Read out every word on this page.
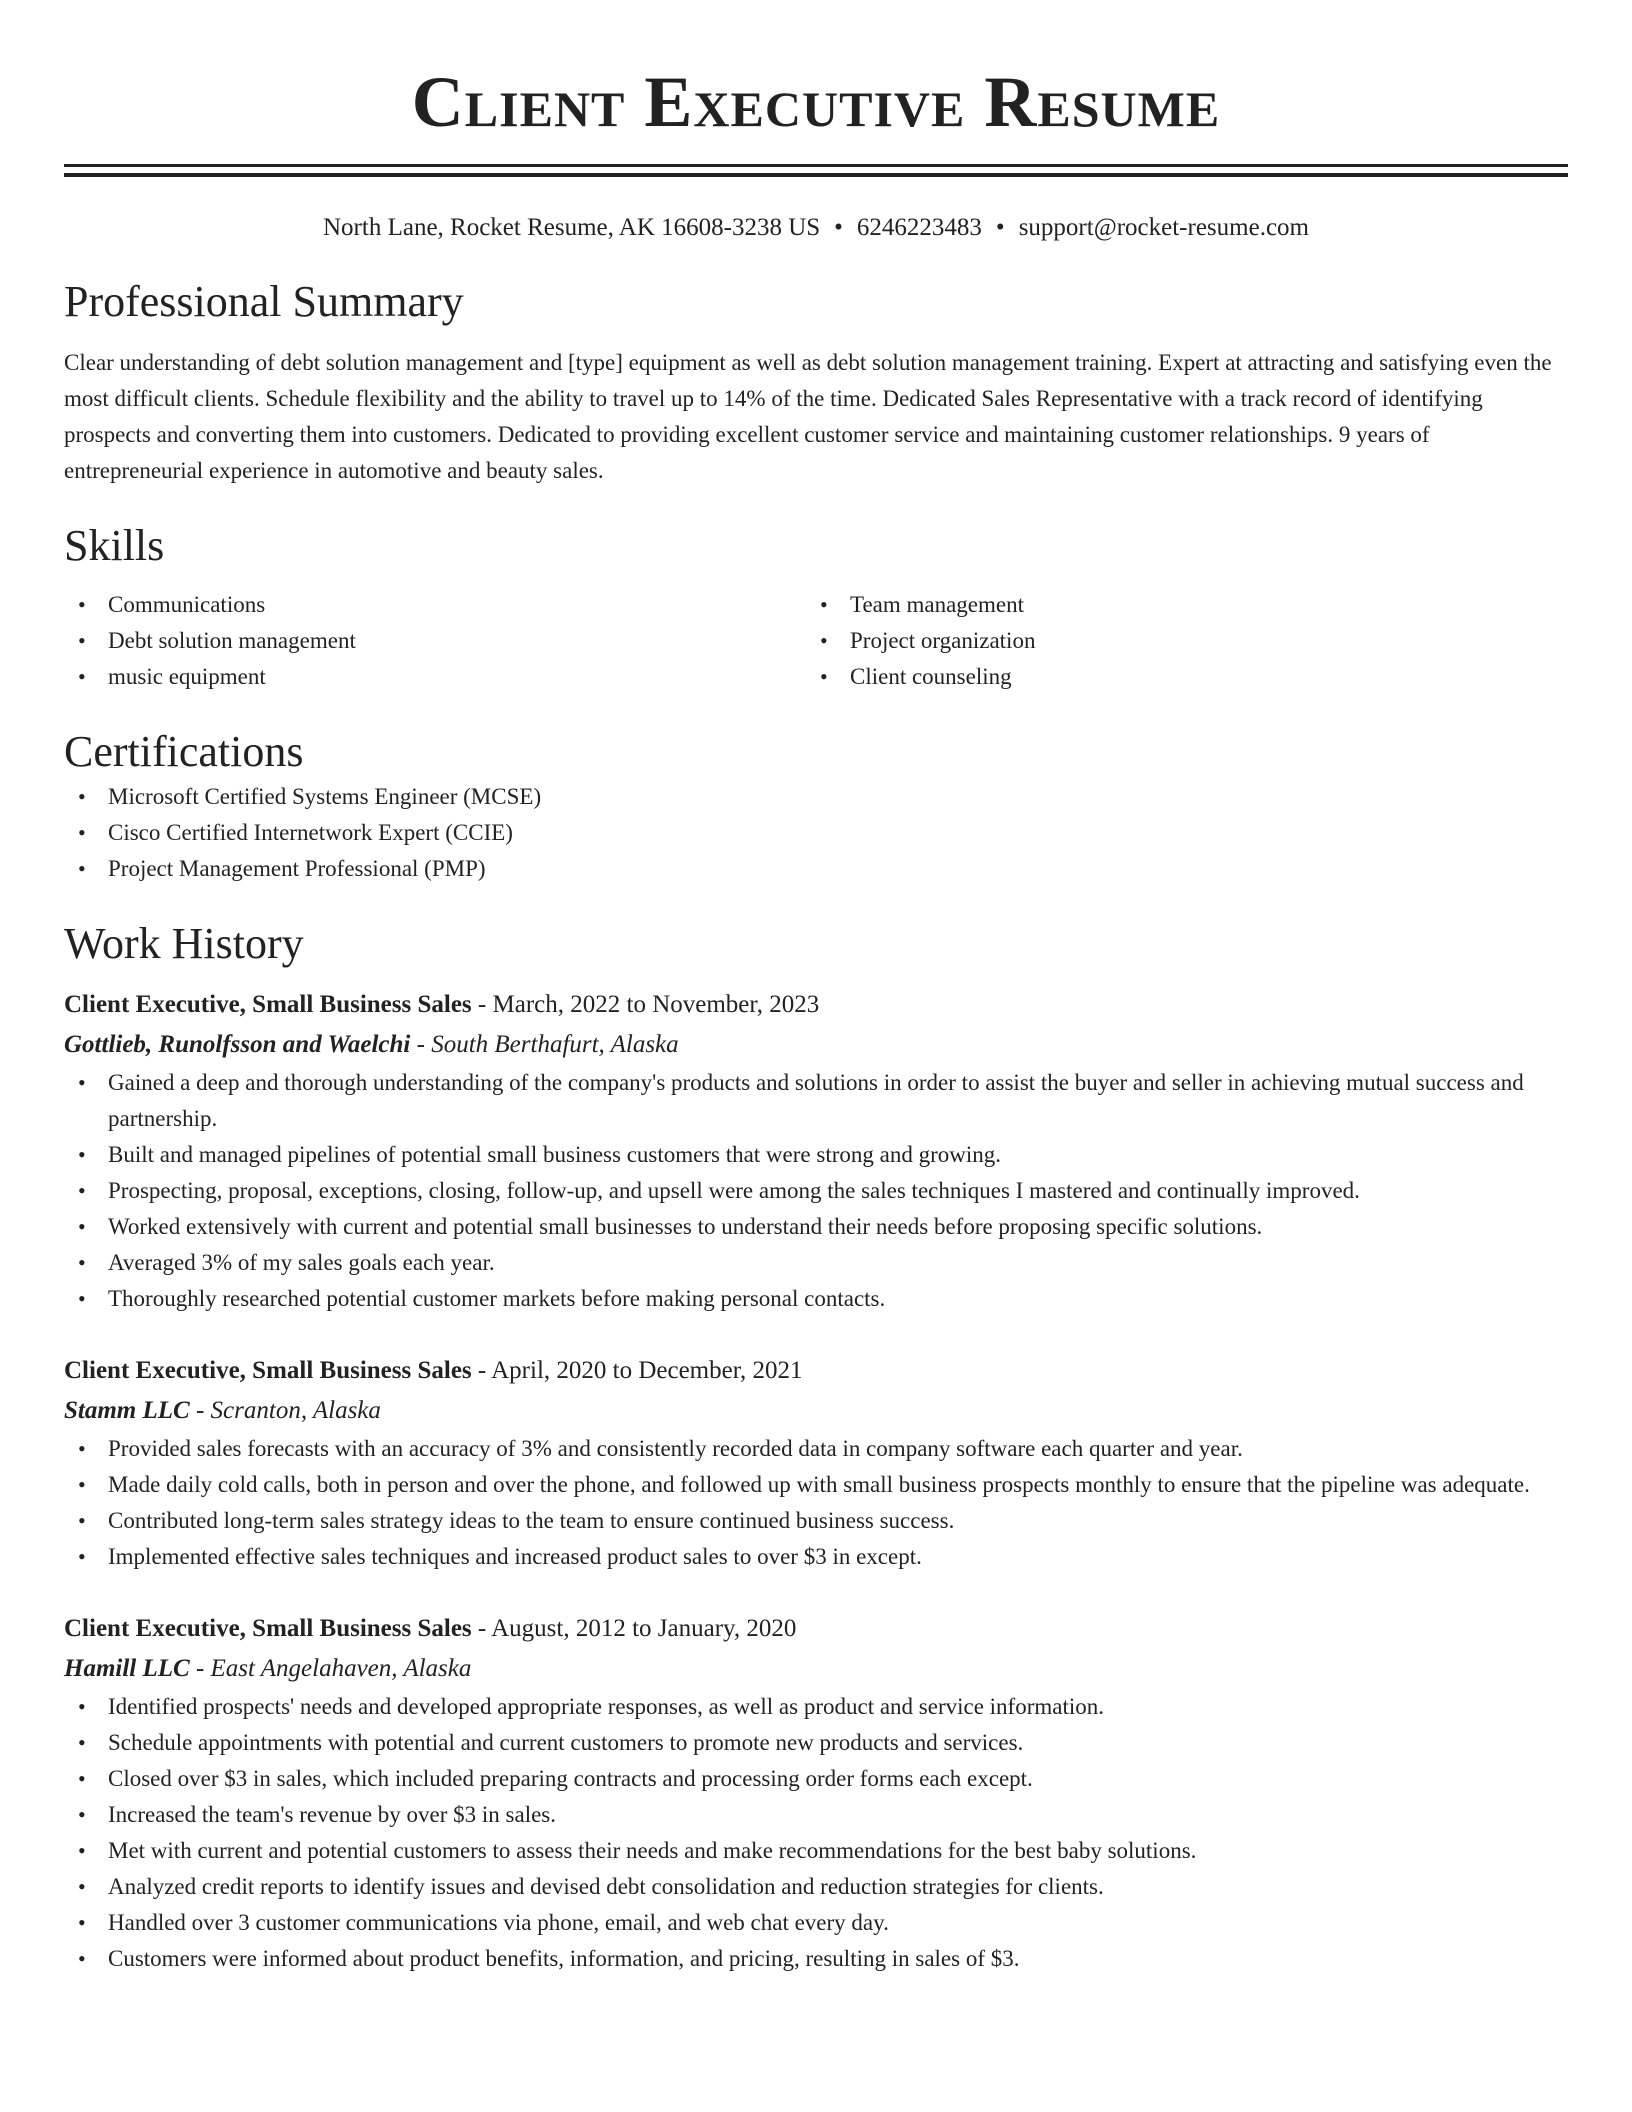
Client Executive Resume
North Lane, Rocket Resume, AK 16608-3238 US • 6246223483 • support@rocket-resume.com
Professional Summary

Clear understanding of debt solution management and [type] equipment as well as debt solution management training. Expert at attracting and satisfying even the most difficult clients. Schedule flexibility and the ability to travel up to 14% of the time. Dedicated Sales Representative with a track record of identifying prospects and converting them into customers. Dedicated to providing excellent customer service and maintaining customer relationships. 9 years of entrepreneurial experience in automotive and beauty sales.

Skills
• Communications
• Debt solution management
• music equipment
• Team management
• Project organization
• Client counseling
Certifications
• Microsoft Certified Systems Engineer (MCSE)
• Cisco Certified Internetwork Expert (CCIE)
• Project Management Professional (PMP)
Work History
Client Executive, Small Business Sales - March, 2022 to November, 2023
Gottlieb, Runolfsson and Waelchi - South Berthafurt, Alaska
• Gained a deep and thorough understanding of the company's products and solutions in order to assist the buyer and seller in achieving mutual success and partnership.
• Built and managed pipelines of potential small business customers that were strong and growing.
• Prospecting, proposal, exceptions, closing, follow-up, and upsell were among the sales techniques I mastered and continually improved.
• Worked extensively with current and potential small businesses to understand their needs before proposing specific solutions.
• Averaged 3% of my sales goals each year.
• Thoroughly researched potential customer markets before making personal contacts.
Client Executive, Small Business Sales - April, 2020 to December, 2021
Stamm LLC - Scranton, Alaska
• Provided sales forecasts with an accuracy of 3% and consistently recorded data in company software each quarter and year.
• Made daily cold calls, both in person and over the phone, and followed up with small business prospects monthly to ensure that the pipeline was adequate.
• Contributed long-term sales strategy ideas to the team to ensure continued business success.
• Implemented effective sales techniques and increased product sales to over $3 in except.
Client Executive, Small Business Sales - August, 2012 to January, 2020
Hamill LLC - East Angelahaven, Alaska
• Identified prospects' needs and developed appropriate responses, as well as product and service information.
• Schedule appointments with potential and current customers to promote new products and services.
• Closed over $3 in sales, which included preparing contracts and processing order forms each except.
• Increased the team's revenue by over $3 in sales.
• Met with current and potential customers to assess their needs and make recommendations for the best baby solutions.
• Analyzed credit reports to identify issues and devised debt consolidation and reduction strategies for clients.
• Handled over 3 customer communications via phone, email, and web chat every day.
• Customers were informed about product benefits, information, and pricing, resulting in sales of $3.
